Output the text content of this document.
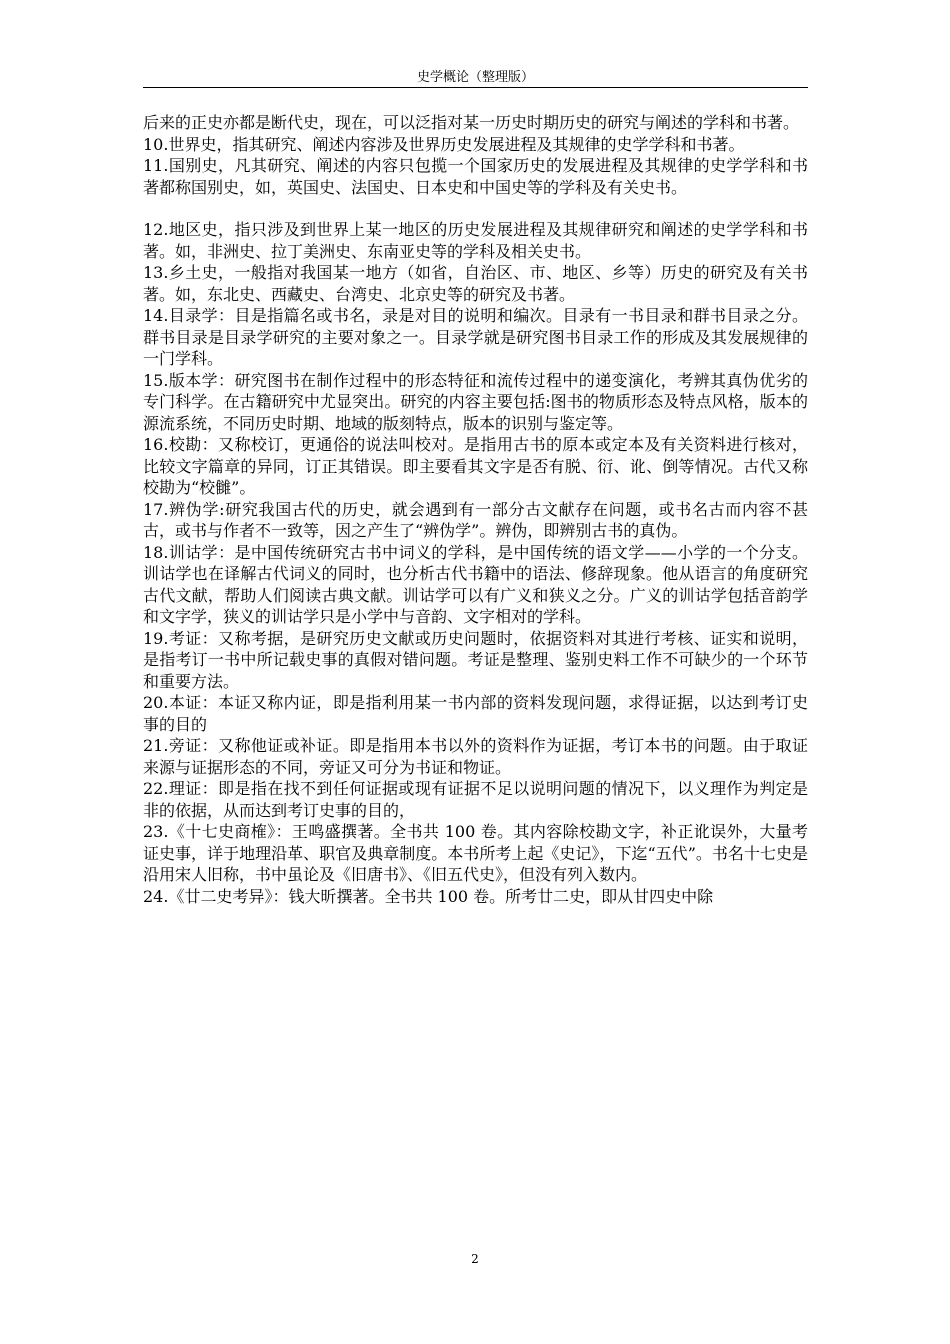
史学概论（整理版）

后来的正史亦都是断代史，现在，可以泛指对某一历史时期历史的研究与阐述的学科和书著。

10.世界史，指其研究、阐述内容涉及世界历史发展进程及其规律的史学学科和书著。

11.国别史，凡其研究、阐述的内容只包揽一个国家历史的发展进程及其规律的史学学科和书著都称国别史，如，英国史、法国史、日本史和中国史等的学科及有关史书。

12.地区史，指只涉及到世界上某一地区的历史发展进程及其规律研究和阐述的史学学科和书著。如，非洲史、拉丁美洲史、东南亚史等的学科及相关史书。

13.乡土史，一般指对我国某一地方（如省，自治区、市、地区、乡等）历史的研究及有关书著。如，东北史、西藏史、台湾史、北京史等的研究及书著。

14.目录学：目是指篇名或书名，录是对目的说明和编次。目录有一书目录和群书目录之分。群书目录是目录学研究的主要对象之一。目录学就是研究图书目录工作的形成及其发展规律的一门学科。

15.版本学：研究图书在制作过程中的形态特征和流传过程中的递变演化，考辨其真伪优劣的专门科学。在古籍研究中尤显突出。研究的内容主要包括:图书的物质形态及特点风格，版本的源流系统，不同历史时期、地域的版刻特点，版本的识别与鉴定等。

16.校勘：又称校订，更通俗的说法叫校对。是指用古书的原本或定本及有关资料进行核对，比较文字篇章的异同，订正其错误。即主要看其文字是否有脱、衍、讹、倒等情况。古代又称校勘为“校雠”。

17.辨伪学:研究我国古代的历史，就会遇到有一部分古文献存在问题，或书名古而内容不甚古，或书与作者不一致等，因之产生了“辨伪学”。辨伪，即辨别古书的真伪。

18.训诂学：是中国传统研究古书中词义的学科，是中国传统的语文学——小学的一个分支。训诂学也在译解古代词义的同时，也分析古代书籍中的语法、修辞现象。他从语言的角度研究古代文献，帮助人们阅读古典文献。训诂学可以有广义和狭义之分。广义的训诂学包括音韵学和文字学，狭义的训诂学只是小学中与音韵、文字相对的学科。

19.考证：又称考据，是研究历史文献或历史问题时，依据资料对其进行考核、证实和说明，是指考订一书中所记载史事的真假对错问题。考证是整理、鉴别史料工作不可缺少的一个环节和重要方法。

20.本证：本证又称内证，即是指利用某一书内部的资料发现问题，求得证据，以达到考订史事的目的

21.旁证：又称他证或补证。即是指用本书以外的资料作为证据，考订本书的问题。由于取证来源与证据形态的不同，旁证又可分为书证和物证。

22.理证：即是指在找不到任何证据或现有证据不足以说明问题的情况下，以义理作为判定是非的依据，从而达到考订史事的目的，

23.《十七史商榷》：王鸣盛撰著。全书共 100 卷。其内容除校勘文字，补正讹误外，大量考证史事，详于地理沿革、职官及典章制度。本书所考上起《史记》，下迄“五代”。书名十七史是沿用宋人旧称，书中虽论及《旧唐书》、《旧五代史》，但没有列入数内。

24.《廿二史考异》：钱大昕撰著。全书共 100 卷。所考廿二史，即从甘四史中除

2
